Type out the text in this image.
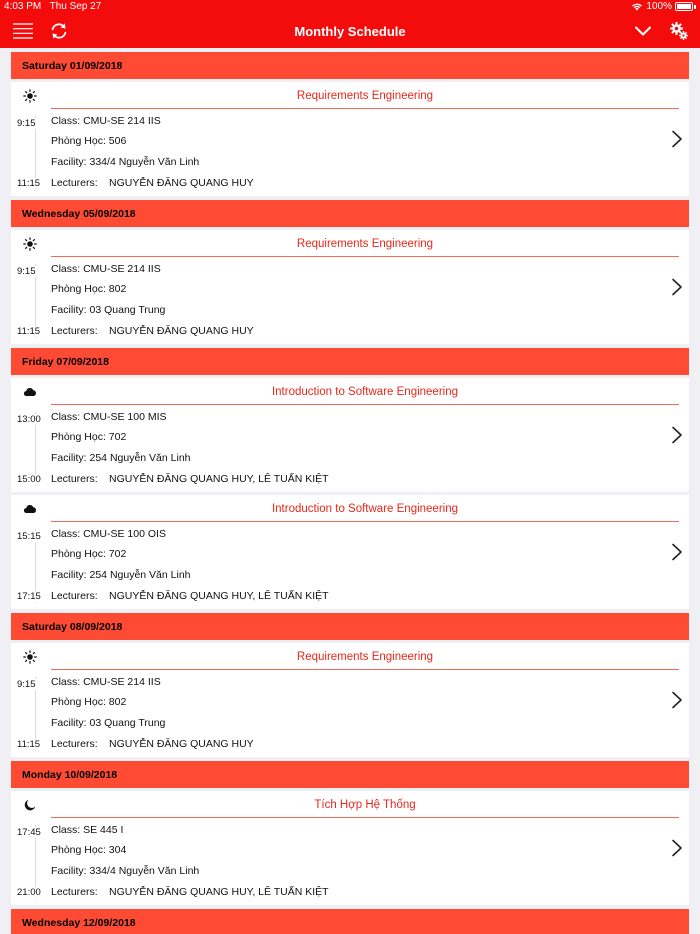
4:03 PM Thu Sep 27	100%
Monthly Schedule
Saturday 01/09/2018
Requirements Engineering
9:15
11:15
Class: CMU-SE 214 IIS
Phòng Học: 506
Facility: 334/4 Nguyễn Văn Linh
Lecturers: NGUYỄN ĐĂNG QUANG HUY
Wednesday 05/09/2018
Requirements Engineering
9:15
11:15
Class: CMU-SE 214 IIS
Phòng Học: 802
Facility: 03 Quang Trung
Lecturers: NGUYỄN ĐĂNG QUANG HUY
Friday 07/09/2018
Introduction to Software Engineering
13:00
15:00
Class: CMU-SE 100 MIS
Phòng Học: 702
Facility: 254 Nguyễn Văn Linh
Lecturers: NGUYỄN ĐĂNG QUANG HUY, LÊ TUẤN KIỆT
Introduction to Software Engineering
15:15
17:15
Class: CMU-SE 100 OIS
Phòng Học: 702
Facility: 254 Nguyễn Văn Linh
Lecturers: NGUYỄN ĐĂNG QUANG HUY, LÊ TUẤN KIỆT
Saturday 08/09/2018
Requirements Engineering
9:15
11:15
Class: CMU-SE 214 IIS
Phòng Học: 802
Facility: 03 Quang Trung
Lecturers: NGUYỄN ĐĂNG QUANG HUY
Monday 10/09/2018
Tích Hợp Hệ Thống
17:45
21:00
Class: SE 445 I
Phòng Học: 304
Facility: 334/4 Nguyễn Văn Linh
Lecturers: NGUYỄN ĐĂNG QUANG HUY, LÊ TUẤN KIỆT
Wednesday 12/09/2018
